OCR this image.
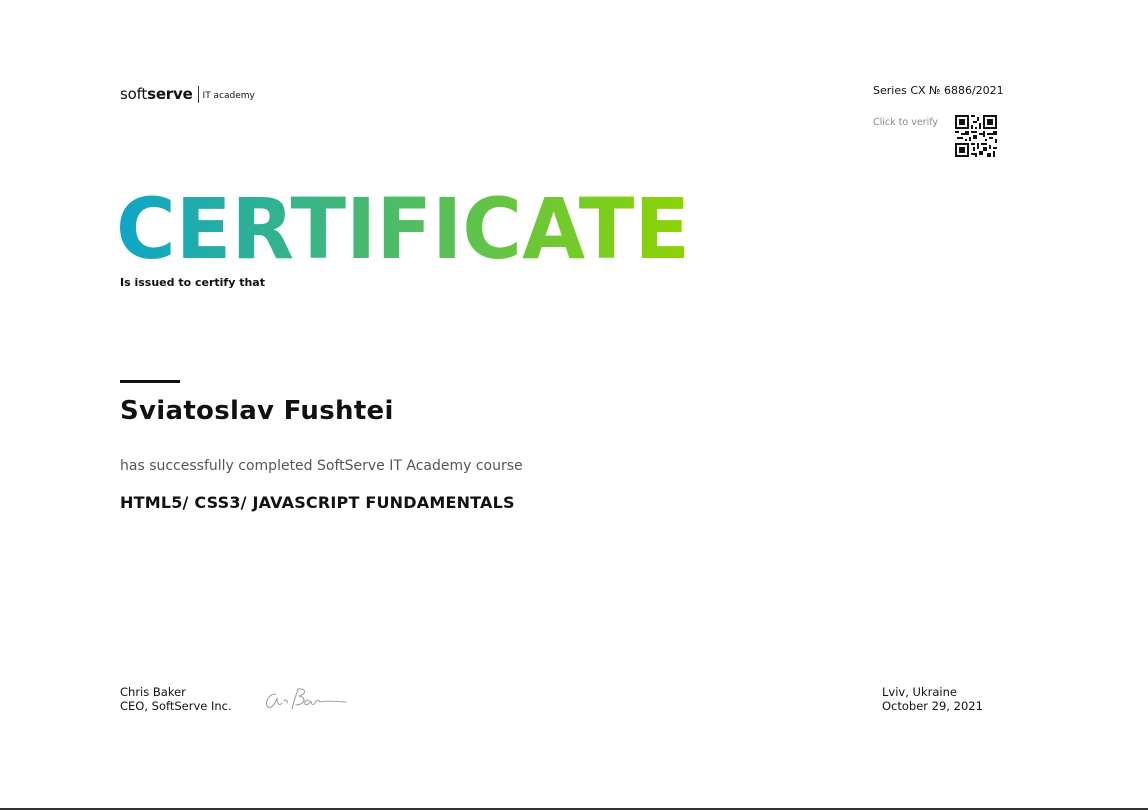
soft serve IT academy	Series CX № 6886/2021
Click to verify
CERTIFICATE
Is issued to certify that
Sviatoslav Fushtei
has successfully completed SoftServe IT Academy course
HTML5/ CSS3/ JAVASCRIPT FUNDAMENTALS
Chris Baker
CEO, SoftServe Inc.
Lviv, Ukraine
October 29, 2021
